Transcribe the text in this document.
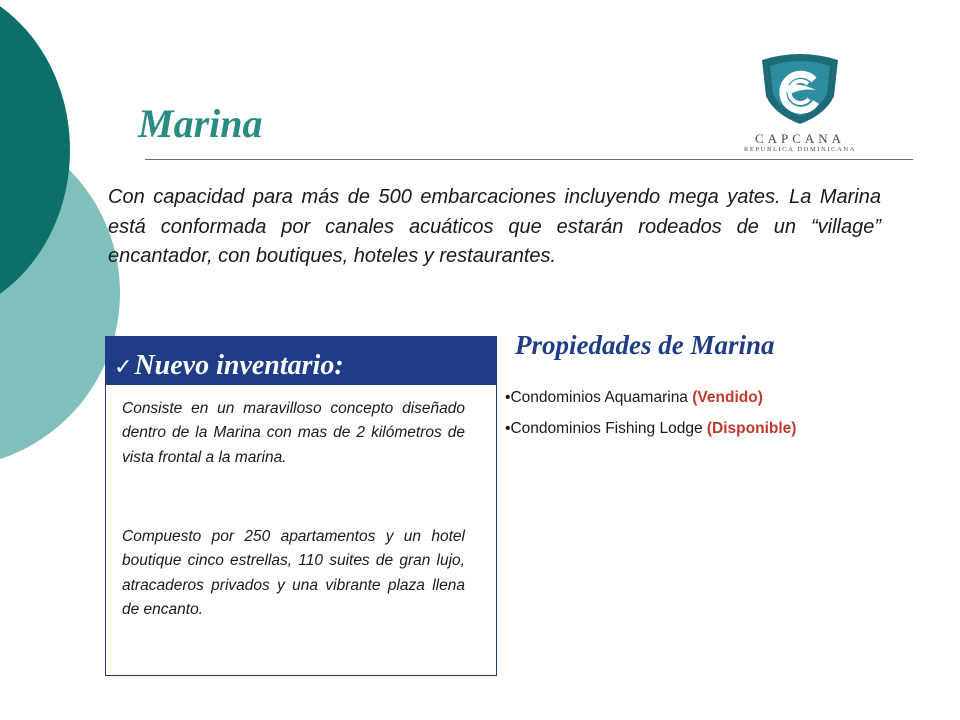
Marina	CAPCANA
REPUBLICA DOMINICANA

Con capacidad para más de 500 embarcaciones incluyendo mega yates. La Marina está conformada por canales acuáticos que estarán rodeados de un “village” encantador, con boutiques, hoteles y restaurantes.

✓Nuevo inventario:

Consiste en un maravilloso concepto diseñado dentro de la Marina con mas de 2 kilómetros de vista frontal a la marina.

Compuesto por 250 apartamentos y un hotel boutique cinco estrellas, 110 suites de gran lujo, atracaderos privados y una vibrante plaza llena de encanto.

Propiedades de Marina
•Condominios Aquamarina (Vendido)
•Condominios Fishing Lodge (Disponible)
